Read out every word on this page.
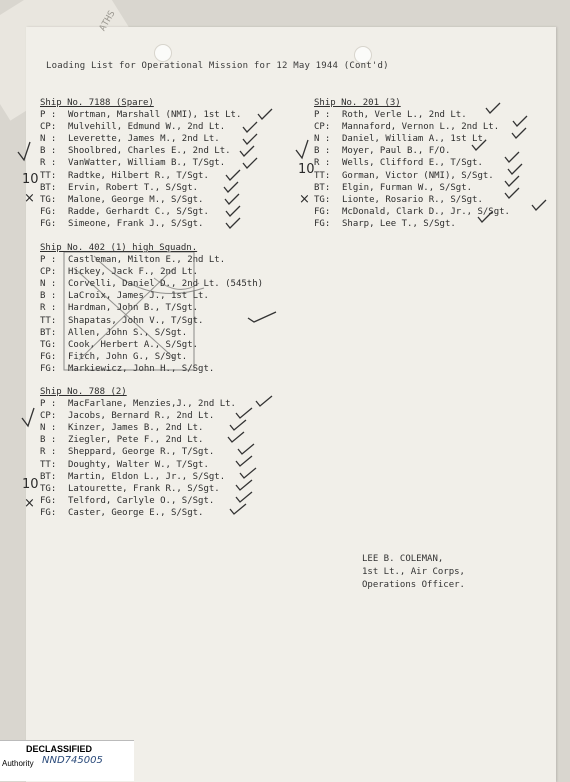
Loading List for Operational Mission for 12 May 1944 (Cont'd)
Ship No. 7188 (Spare)
P : Wortman, Marshall (NMI), 1st Lt.
CP: Mulvehill, Edmund W., 2nd Lt.
N : Leverette, James M., 2nd Lt.
B : Shoolbred, Charles E., 2nd Lt.
R : VanWatter, William B., T/Sgt.
TT: Radtke, Hilbert R., T/Sgt.
BT: Ervin, Robert T., S/Sgt.
TG: Malone, George M., S/Sgt.
FG: Radde, Gerhardt C., S/Sgt.
FG: Simeone, Frank J., S/Sgt.
Ship No. 201 (3)
P : Roth, Verle L., 2nd Lt.
CP: Mannaford, Vernon L., 2nd Lt.
N : Daniel, William A., 1st Lt.
B : Moyer, Paul B., F/O.
R : Wells, Clifford E., T/Sgt.
TT: Gorman, Victor (NMI), S/Sgt.
BT: Elgin, Furman W., S/Sgt.
TG: Lionte, Rosario R., S/Sgt.
FG: McDonald, Clark D., Jr., S/Sgt.
FG: Sharp, Lee T., S/Sgt.
Ship No. 402 (1) high Squadn.
P : Castleman, Milton E., 2nd Lt.
CP: Hickey, Jack F., 2nd Lt.
N : Corvelli, Daniel D., 2nd Lt. (545th)
B : LaCroix, James J., 1st Lt.
R : Hardman, John B., T/Sgt.
TT: Shapatas, John V., T/Sgt.
BT: Allen, John S., S/Sgt.
TG: Cook, Herbert A., S/Sgt.
FG: Fitch, John G., S/Sgt.
FG: Markiewicz, John H., S/Sgt.
Ship No. 788 (2)
P : MacFarlane, Menzies,J., 2nd Lt.
CP: Jacobs, Bernard R., 2nd Lt.
N : Kinzer, James B., 2nd Lt.
B : Ziegler, Pete F., 2nd Lt.
R : Sheppard, George R., T/Sgt.
TT: Doughty, Walter W., T/Sgt.
BT: Martin, Eldon L., Jr., S/Sgt.
TG: Latourette, Frank R., S/Sgt.
FG: Telford, Carlyle O., S/Sgt.
FG: Caster, George E., S/Sgt.
LEE B. COLEMAN,
1st Lt., Air Corps,
Operations Officer.
10
10
×	×
10
×
ATHS
DECLASSIFIED
Authority NND745005
